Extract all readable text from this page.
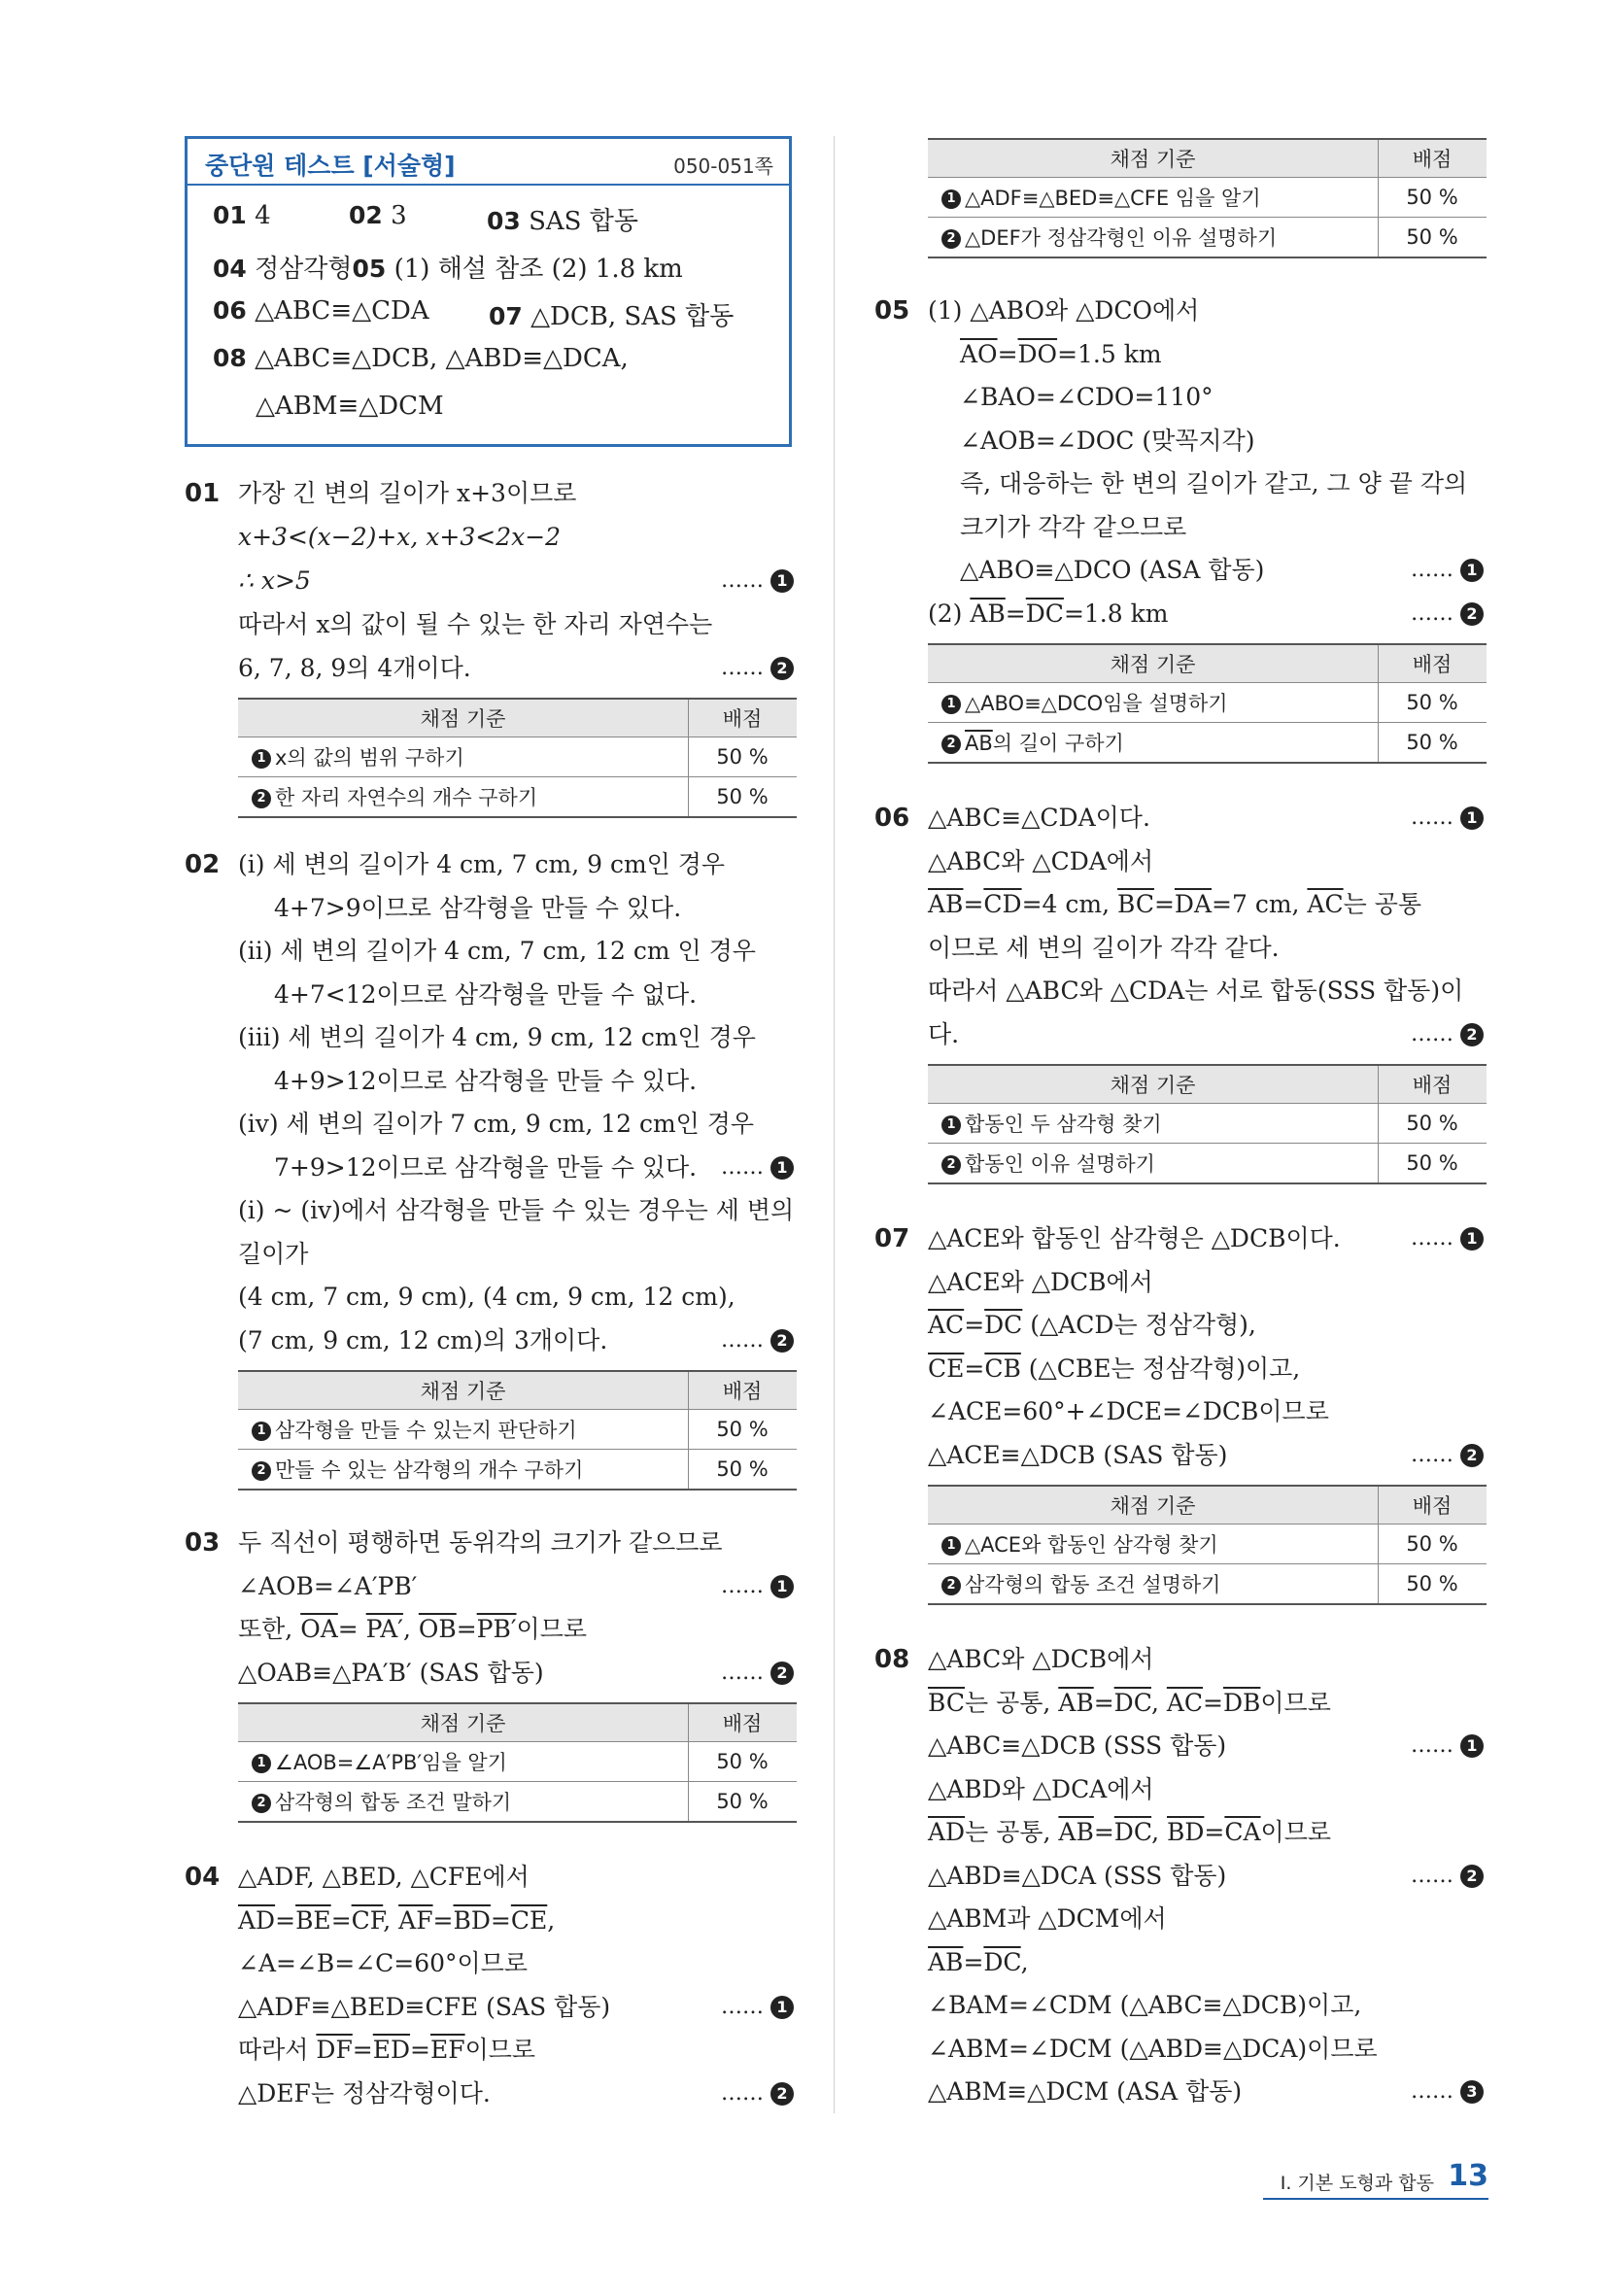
중단원 테스트 [서술형]	050-051쪽
01 4	02 3	03 SAS 합동
04 정삼각형05 (1) 해설 참조 (2) 1.8 km
06 △ABC≡△CDA 07 △DCB, SAS 합동
08 △ABC≡△DCB, △ABD≡△DCA,
△ABM≡△DCM
01 가장 긴 변의 길이가 x+3이므로
x+3<(x−2)+x, x+3<2x−2
∴ x>5	…… 1
따라서 x의 값이 될 수 있는 한 자리 자연수는
6, 7, 8, 9의 4개이다.	…… 2
채점 기준	배점
1 x의 값의 범위 구하기	50 %
2 한 자리 자연수의 개수 구하기	50 %
02 (ⅰ) 세 변의 길이가 4 cm, 7 cm, 9 cm인 경우
4+7>9이므로 삼각형을 만들 수 있다.
(ⅱ) 세 변의 길이가 4 cm, 7 cm, 12 cm 인 경우
4+7<12이므로 삼각형을 만들 수 없다.
(ⅲ) 세 변의 길이가 4 cm, 9 cm, 12 cm인 경우
4+9>12이므로 삼각형을 만들 수 있다.
(ⅳ) 세 변의 길이가 7 cm, 9 cm, 12 cm인 경우
7+9>12이므로 삼각형을 만들 수 있다. …… 1
(ⅰ) ~ (ⅳ)에서 삼각형을 만들 수 있는 경우는 세 변의
길이가
(4 cm, 7 cm, 9 cm), (4 cm, 9 cm, 12 cm),
(7 cm, 9 cm, 12 cm)의 3개이다.	…… 2
채점 기준	배점
1 삼각형을 만들 수 있는지 판단하기	50 %
2 만들 수 있는 삼각형의 개수 구하기	50 %
03 두 직선이 평행하면 동위각의 크기가 같으므로
∠AOB=∠A′PB′	…… 1
또한, $\overline{OA}= PA'$, $\overline{OB}=PB'$이므로
△OAB≡△PA′B′ (SAS 합동)	…… 2
채점 기준	배점
1 ∠AOB=∠A′PB′임을 알기	50 %
2 삼각형의 합동 조건 말하기	50 %
04 △ADF, △BED, △CFE에서
$\overline{AD}=\overline{BE}=\overline{CF}$, $\overline{AF}=\overline{BD}=\overline{CE}$,
∠A=∠B=∠C=60°이므로
△ADF≡△BED≡CFE (SAS 합동)	…… 1
따라서 $\overline{DF}=\overline{ED}=\overline{EF}$이므로
△DEF는 정삼각형이다.	…… 2
채점 기준	배점
1 △ADF≡△BED≡△CFE 임을 알기	50 %
2 △DEF가 정삼각형인 이유 설명하기	50 %
05 (1) △ABO와 △DCO에서
$\overline{AO}=\overline{DO}=1.5$ km
∠BAO=∠CDO=110°
∠AOB=∠DOC (맞꼭지각)
즉, 대응하는 한 변의 길이가 같고, 그 양 끝 각의
크기가 각각 같으므로
△ABO≡△DCO (ASA 합동)	…… 1
(2) $\overline{AB}=\overline{DC}=1.8$ km	…… 2
채점 기준	배점
1 △ABO≡△DCO임을 설명하기	50 %
2 $\overline{AB}$의 길이 구하기	50 %
06 △ABC≡△CDA이다.	…… 1
△ABC와 △CDA에서
$\overline{AB}=\overline{CD}=4$ cm, $\overline{BC}=\overline{DA}=7$ cm, $\overline{AC}$는 공통
이므로 세 변의 길이가 각각 같다.
따라서 △ABC와 △CDA는 서로 합동(SSS 합동)이
다.	…… 2
채점 기준	배점
1 합동인 두 삼각형 찾기	50 %
2 합동인 이유 설명하기	50 %
07 △ACE와 합동인 삼각형은 △DCB이다.	…… 1
△ACE와 △DCB에서
$\overline{AC}=\overline{DC}$ (△ACD는 정삼각형),
$\overline{CE}=\overline{CB}$ (△CBE는 정삼각형)이고,
∠ACE=60°+∠DCE=∠DCB이므로
△ACE≡△DCB (SAS 합동)	…… 2
채점 기준	배점
1 △ACE와 합동인 삼각형 찾기	50 %
2 삼각형의 합동 조건 설명하기	50 %
08 △ABC와 △DCB에서
$\overline{BC}$는 공통, $\overline{AB}=\overline{DC}$, $\overline{AC}=\overline{DB}$이므로
△ABC≡△DCB (SSS 합동)	…… 1
△ABD와 △DCA에서
$\overline{AD}$는 공통, $\overline{AB}=\overline{DC}$, $\overline{BD}=\overline{CA}$이므로
△ABD≡△DCA (SSS 합동)	…… 2
△ABM과 △DCM에서
$\overline{AB}=\overline{DC}$,
∠BAM=∠CDM (△ABC≡△DCB)이고,
∠ABM=∠DCM (△ABD≡△DCA)이므로
△ABM≡△DCM (ASA 합동)	…… 3
Ⅰ. 기본 도형과 합동 13
